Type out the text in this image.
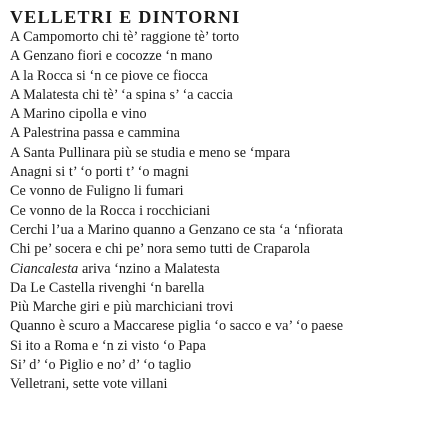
VELLETRI E DINTORNI
A Campomorto chi tè’ raggione tè’ torto
A Genzano fiori e cocozze ‘n mano
A la Rocca si ‘n ce piove ce fiocca
A Malatesta chi tè’ ‘a spina s’ ‘a caccia
A Marino cipolla e vino
A Palestrina passa e cammina
A Santa Pullinara più se studia e meno se ‘mpara
Anagni si t’ ‘o porti t’ ‘o magni
Ce vonno de Fuligno li fumari
Ce vonno de la Rocca i rocchiciani
Cerchi l’ua a Marino quanno a Genzano ce sta ‘a ‘nfiorata
Chi pe’ socera e chi pe’ nora semo tutti de Craparola
Ciancalesta ariva ‘nzino a Malatesta
Da Le Castella rivenghi ‘n barella
Più Marche giri e più marchiciani trovi
Quanno è scuro a Maccarese piglia ‘o sacco e va’ ‘o paese
Si ito a Roma e ‘n zi visto ‘o Papa
Si’ d’ ‘o Piglio e no’ d’ ‘o taglio
Velletrani, sette vote villani
